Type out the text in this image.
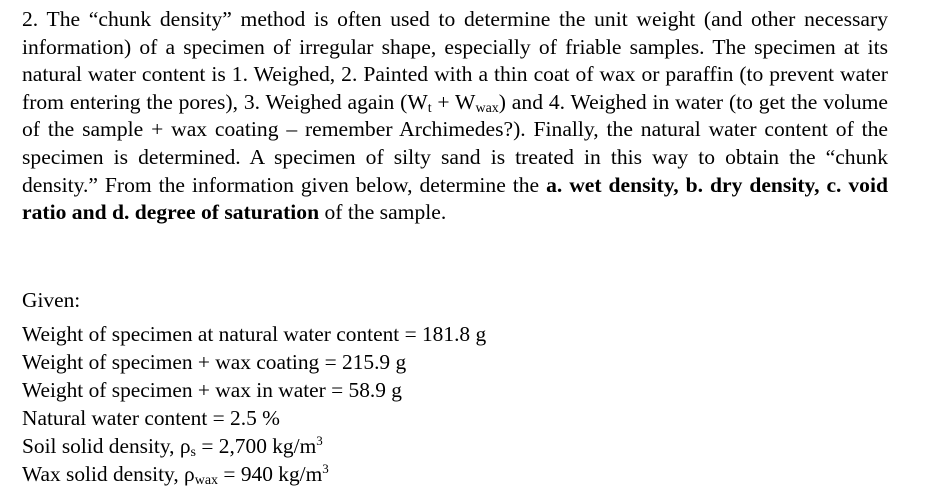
2. The “chunk density” method is often used to determine the unit weight (and other necessary information) of a specimen of irregular shape, especially of friable samples. The specimen at its natural water content is 1. Weighed, 2. Painted with a thin coat of wax or paraffin (to prevent water from entering the pores), 3. Weighed again $(W_t + W_{wax})$ and 4. Weighed in water (to get the volume of the sample + wax coating – remember Archimedes?). Finally, the natural water content of the specimen is determined. A specimen of silty sand is treated in this way to obtain the “chunk density.” From the information given below, determine the a. wet density, b. dry density, c. void ratio and d. degree of saturation of the sample.
Given:
Weight of specimen at natural water content = 181.8 g
Weight of specimen + wax coating = 215.9 g
Weight of specimen + wax in water = 58.9 g
Natural water content = 2.5 %
Soil solid density, $\rho_s = 2,700$ $kg/m^3$
Wax solid density, $\rho_{wax} = 940$ $kg/m^3$
